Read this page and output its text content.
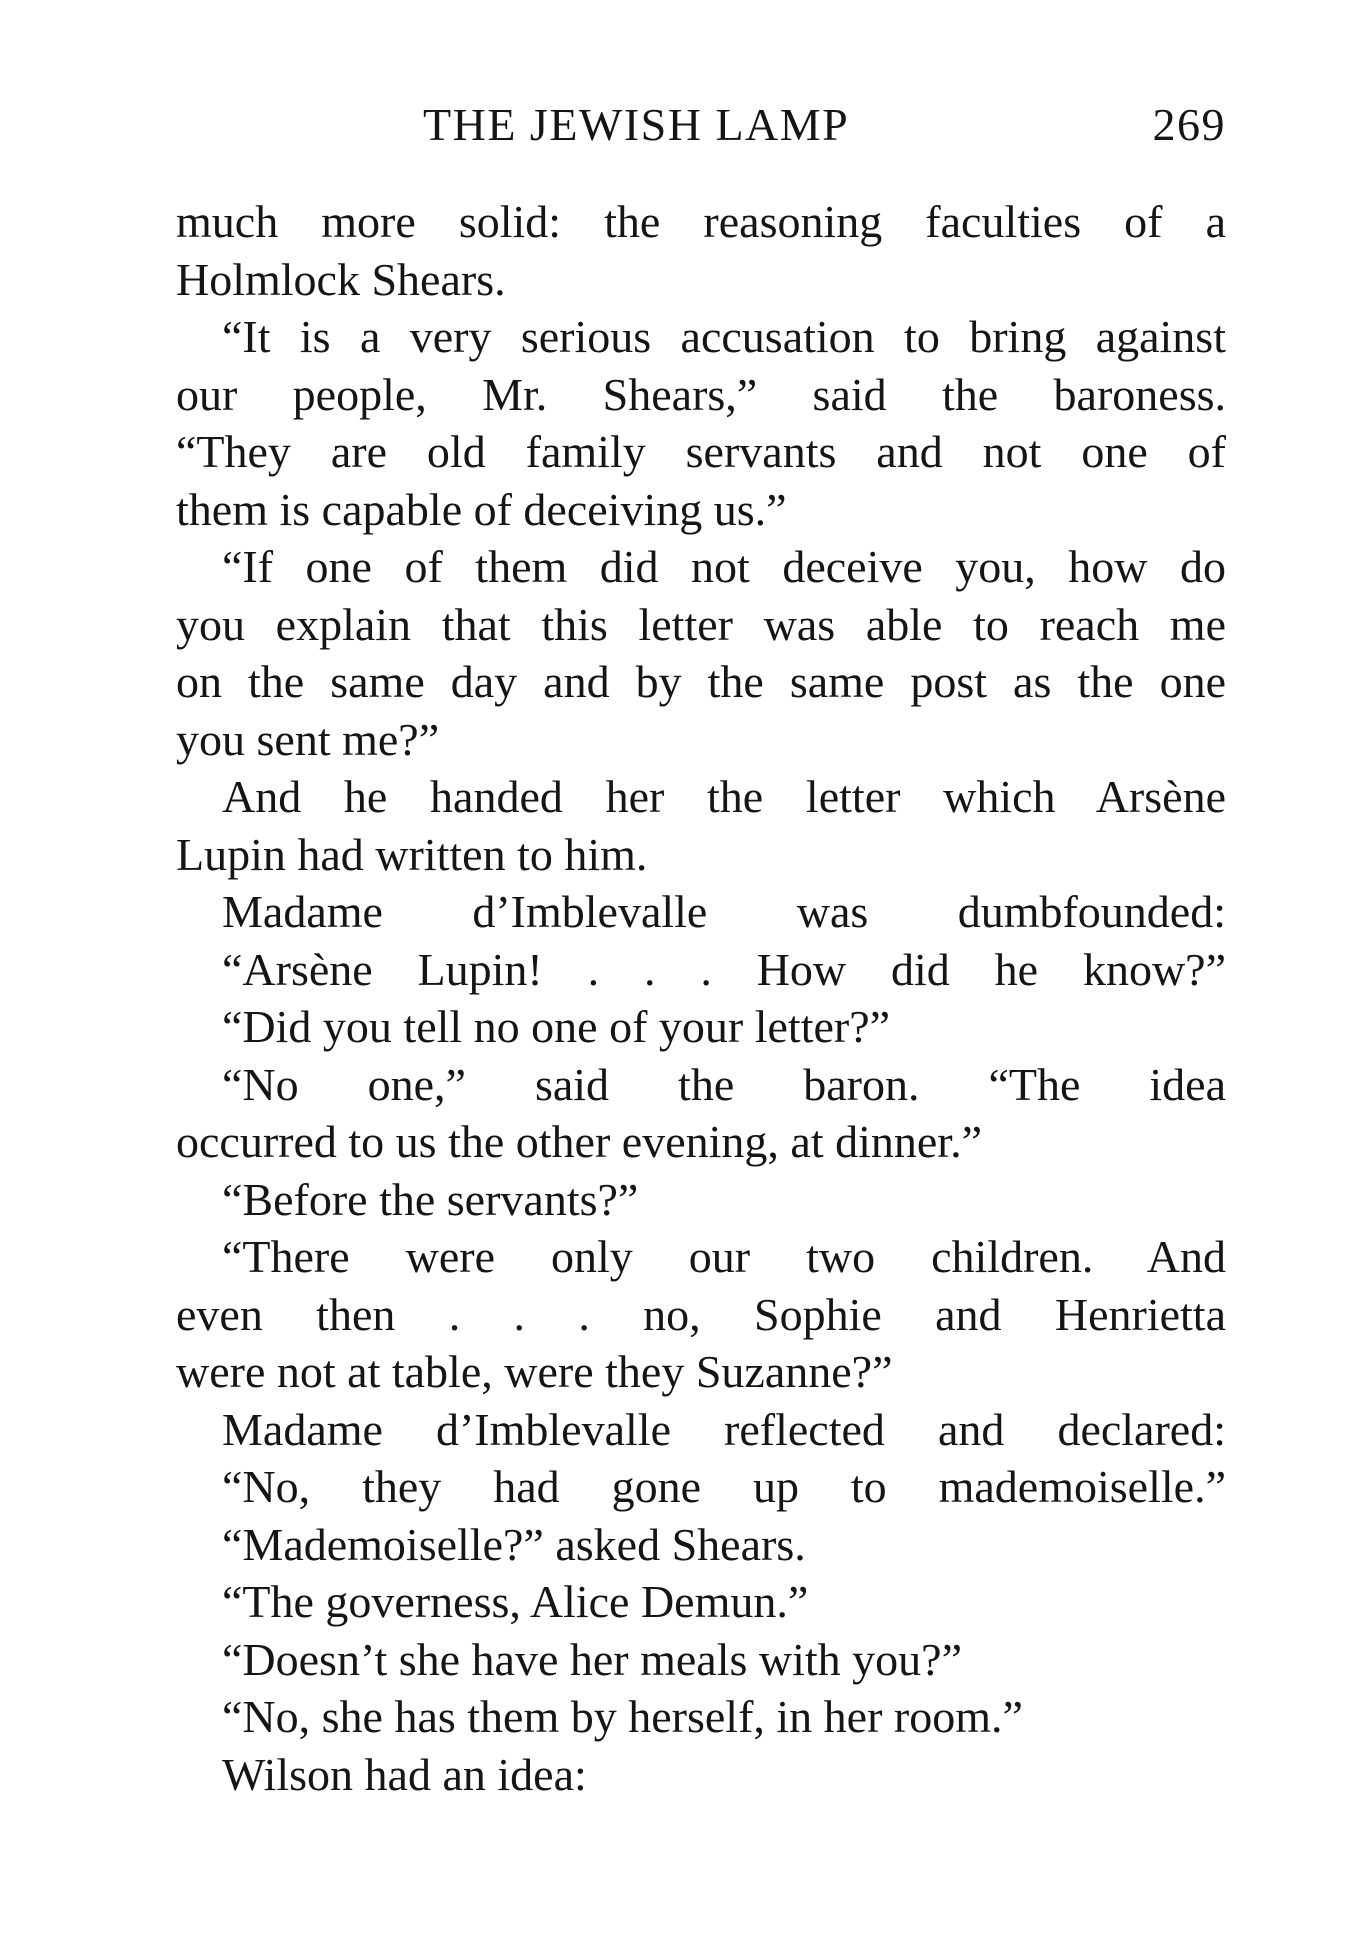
THE JEWISH LAMP	269
much more solid: the reasoning faculties of a
Holmlock Shears.
“It is a very serious accusation to bring against
our people, Mr. Shears,” said the baroness.
“They are old family servants and not one of
them is capable of deceiving us.”
“If one of them did not deceive you, how do
you explain that this letter was able to reach me
on the same day and by the same post as the one
you sent me?”
And he handed her the letter which Arsène
Lupin had written to him.
Madame d’Imblevalle was dumbfounded:
“Arsène Lupin! . . . How did he know?”
“Did you tell no one of your letter?”
“No one,” said the baron. “The idea
occurred to us the other evening, at dinner.”
“Before the servants?”
“There were only our two children. And
even then . . . no, Sophie and Henrietta
were not at table, were they Suzanne?”
Madame d’Imblevalle reflected and declared:
“No, they had gone up to mademoiselle.”
“Mademoiselle?” asked Shears.
“The governess, Alice Demun.”
“Doesn’t she have her meals with you?”
“No, she has them by herself, in her room.”
Wilson had an idea:
